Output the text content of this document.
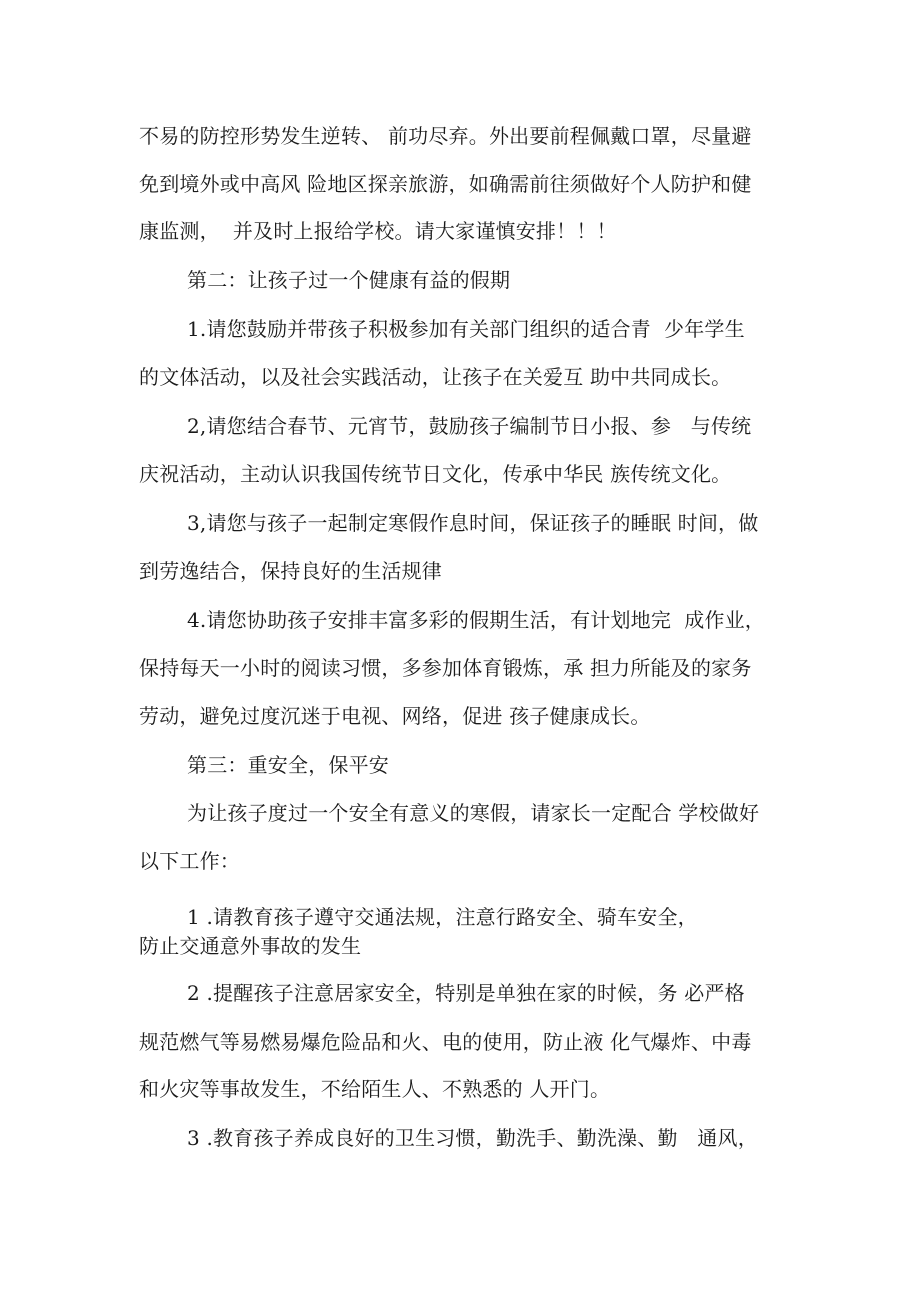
不易的防控形势发生逆转、 前功尽弃。外出要前程佩戴口罩，尽量避
免到境外或中高风 险地区探亲旅游，如确需前往须做好个人防护和健
康监测，  并及时上报给学校。请大家谨慎安排！！！
第二：让孩子过一个健康有益的假期
1.请您鼓励并带孩子积极参加有关部门组织的适合青  少年学生
的文体活动，以及社会实践活动，让孩子在关爱互 助中共同成长。
2,请您结合春节、元宵节，鼓励孩子编制节日小报、参   与传统
庆祝活动，主动认识我国传统节日文化，传承中华民 族传统文化。
3,请您与孩子一起制定寒假作息时间，保证孩子的睡眠 时间，做
到劳逸结合，保持良好的生活规律
4.请您协助孩子安排丰富多彩的假期生活，有计划地完  成作业，
保持每天一小时的阅读习惯，多参加体育锻炼，承 担力所能及的家务
劳动，避免过度沉迷于电视、网络，促进 孩子健康成长。
第三：重安全，保平安
为让孩子度过一个安全有意义的寒假，请家长一定配合 学校做好
以下工作：
1 .请教育孩子遵守交通法规，注意行路安全、骑车安全，
防止交通意外事故的发生
2 .提醒孩子注意居家安全，特别是单独在家的时候，务 必严格
规范燃气等易燃易爆危险品和火、电的使用，防止液 化气爆炸、中毒
和火灾等事故发生，不给陌生人、不熟悉的 人开门。
3 .教育孩子养成良好的卫生习惯，勤洗手、勤洗澡、勤   通风，
